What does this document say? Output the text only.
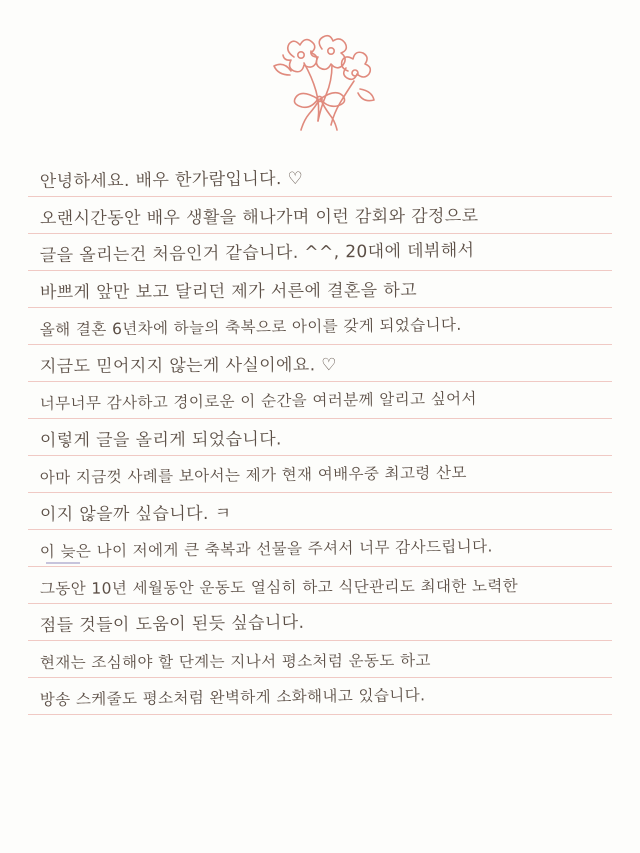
안녕하세요. 배우 한가람입니다. ♡
오랜시간동안 배우 생활을 해나가며 이런 감회와 감정으로
글을 올리는건 처음인거 같습니다. ^^, 20대에 데뷔해서
바쁘게 앞만 보고 달리던 제가 서른에 결혼을 하고
올해 결혼 6년차에 하늘의 축복으로 아이를 갖게 되었습니다.
지금도 믿어지지 않는게 사실이에요. ♡
너무너무 감사하고 경이로운 이 순간을 여러분께 알리고 싶어서
이렇게 글을 올리게 되었습니다.
아마 지금껏 사례를 보아서는 제가 현재 여배우중 최고령 산모
이지 않을까 싶습니다. ㅋ
이 늦은 나이 저에게 큰 축복과 선물을 주셔서 너무 감사드립니다.
그동안 10년 세월동안 운동도 열심히 하고 식단관리도 최대한 노력한
점들 것들이 도움이 된듯 싶습니다.
현재는 조심해야 할 단계는 지나서 평소처럼 운동도 하고
방송 스케줄도 평소처럼 완벽하게 소화해내고 있습니다.
